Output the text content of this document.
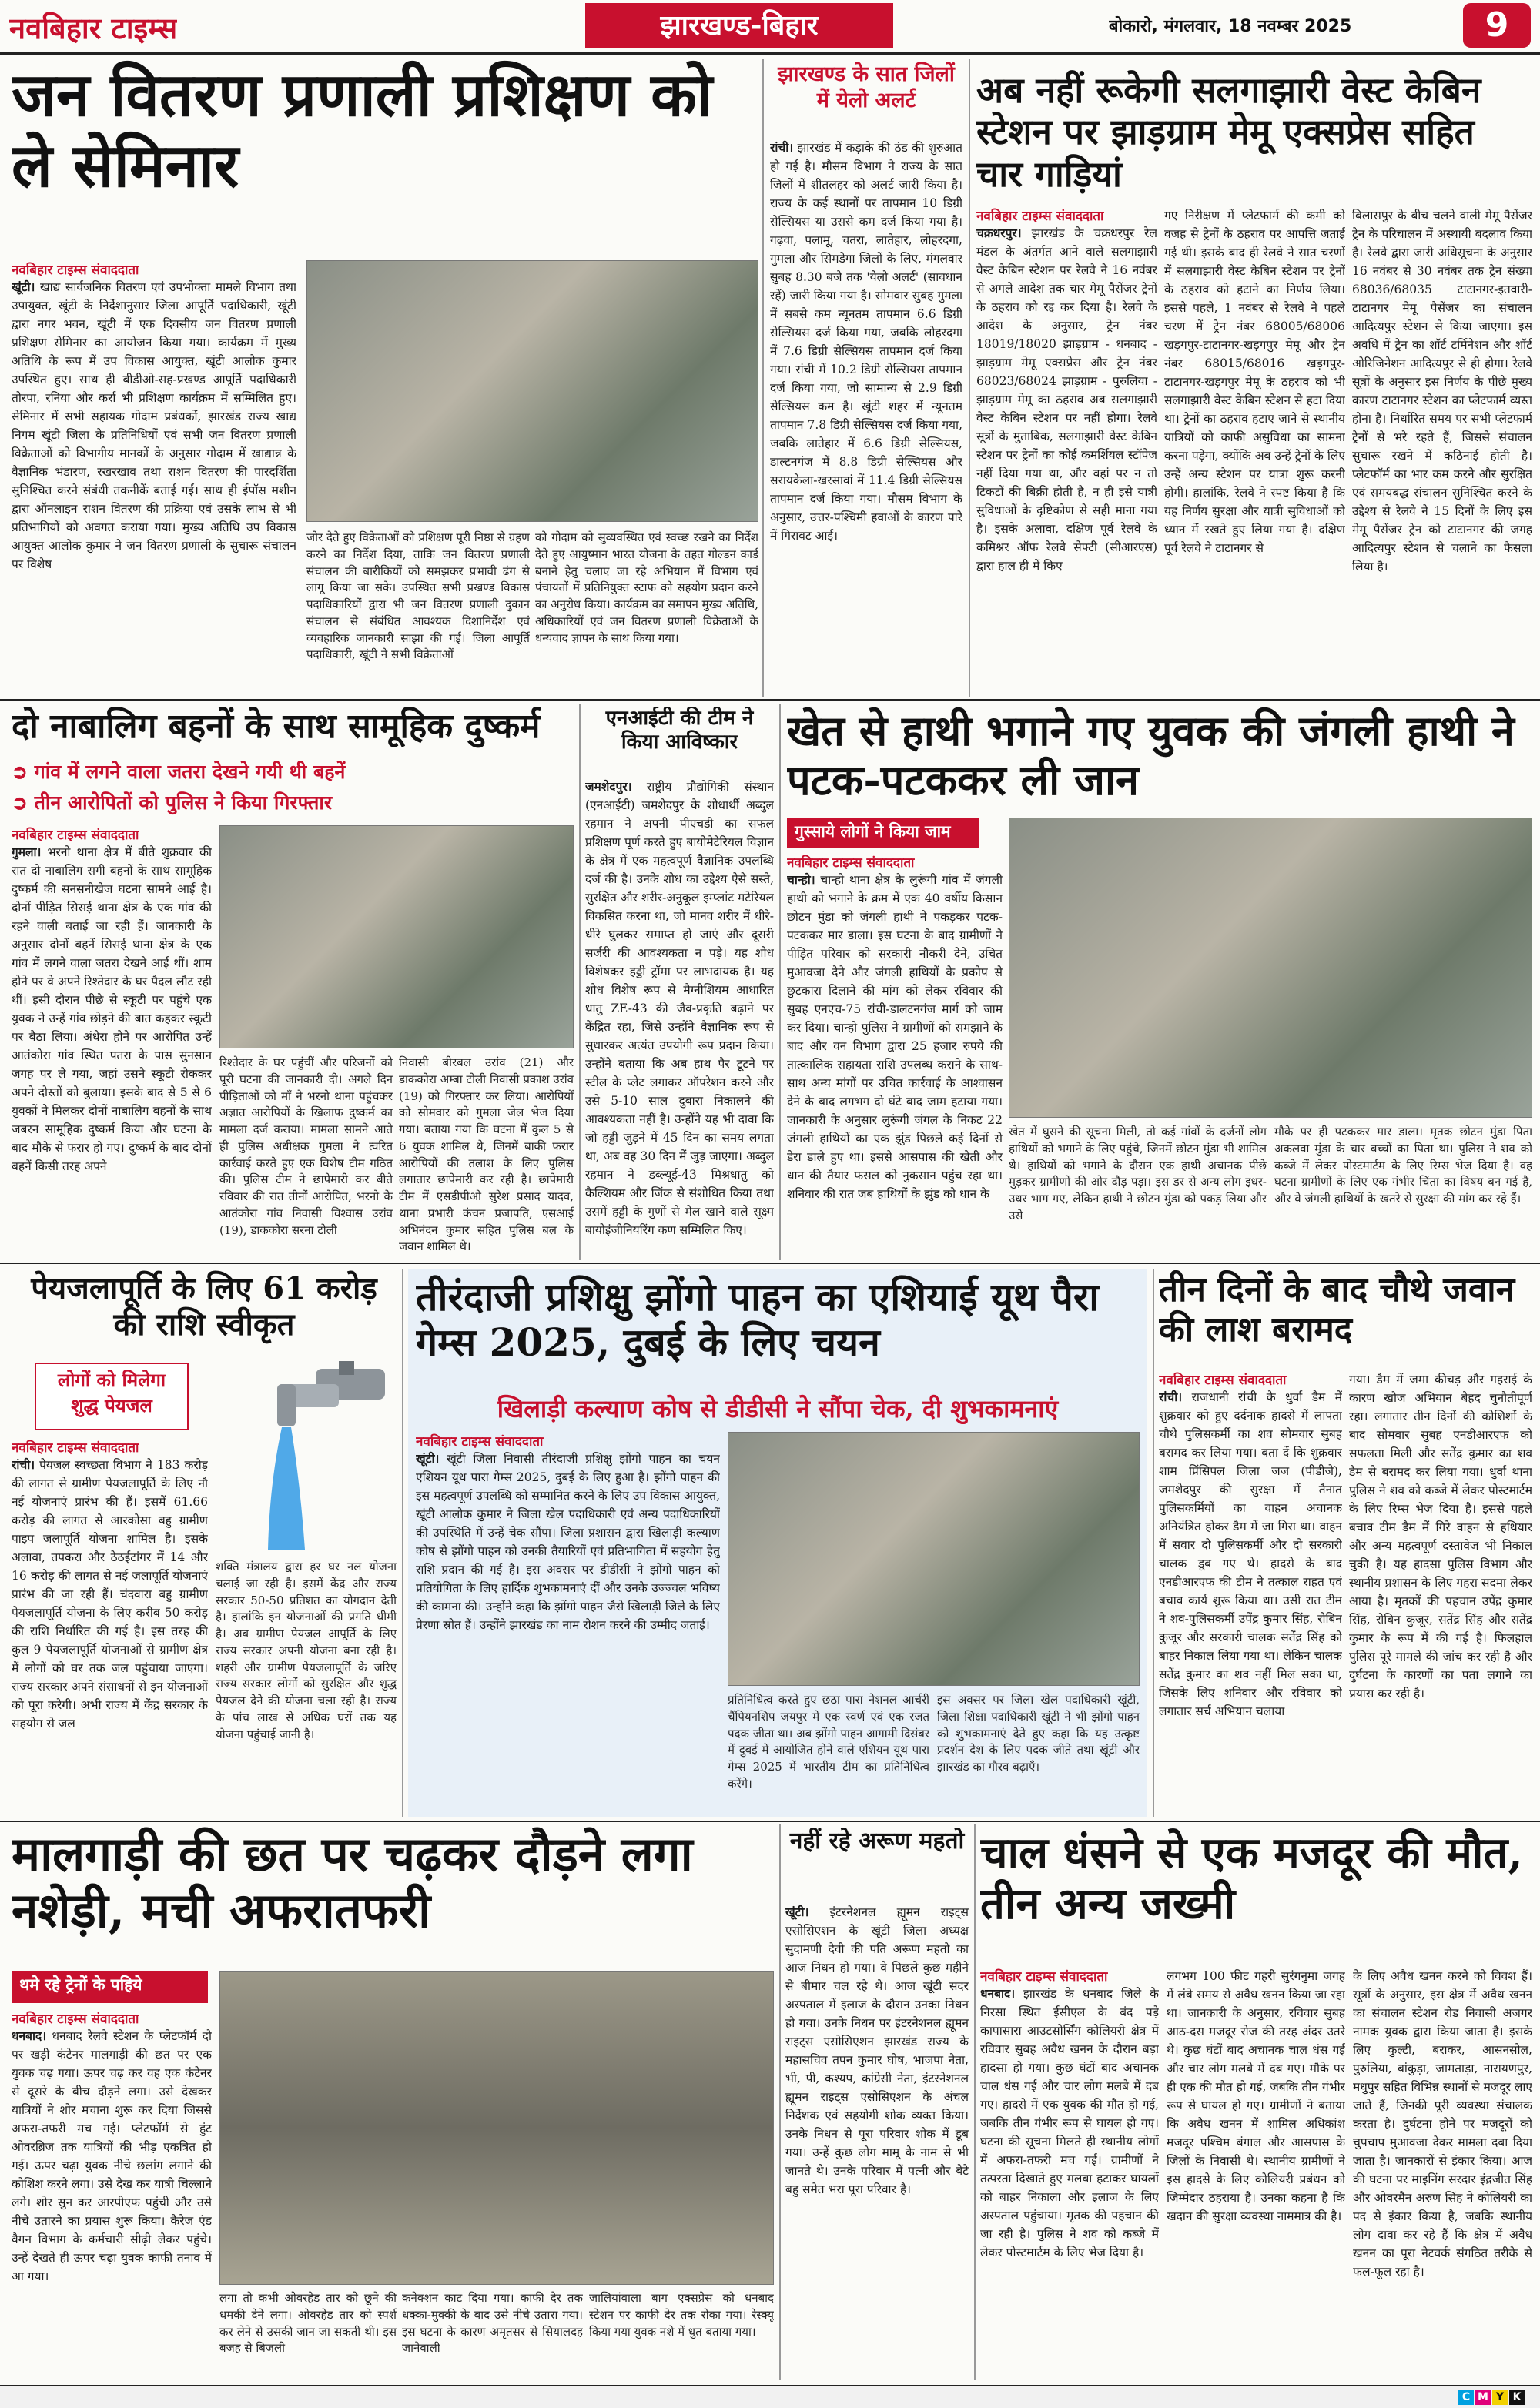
नवबिहार टाइम्स	झारखण्ड-बिहार	बोकारो, मंगलवार, 18 नवम्बर 2025	9
जन वितरण प्रणाली प्रशिक्षण को ले सेमिनार
नवबिहार टाइम्स संवाददाता
खूंटी। खाद्य सार्वजनिक वितरण एवं उपभोक्ता मामले विभाग तथा उपायुक्त, खूंटी के निर्देशानुसार जिला आपूर्ति पदाधिकारी, खूंटी द्वारा नगर भवन, खूंटी में एक दिवसीय जन वितरण प्रणाली प्रशिक्षण सेमिनार का आयोजन किया गया। कार्यक्रम में मुख्य अतिथि के रूप में उप विकास आयुक्त, खूंटी आलोक कुमार उपस्थित हुए। साथ ही बीडीओ-सह-प्रखण्ड आपूर्ति पदाधिकारी तोरपा, रनिया और कर्रा भी प्रशिक्षण कार्यक्रम में सम्मिलित हुए। सेमिनार में सभी सहायक गोदाम प्रबंधकों, झारखंड राज्य खाद्य निगम खूंटी जिला के प्रतिनिधियों एवं सभी जन वितरण प्रणाली विक्रेताओं को विभागीय मानकों के अनुसार गोदाम में खाद्यान्न के वैज्ञानिक भंडारण, रखरखाव तथा राशन वितरण की पारदर्शिता सुनिश्चित करने संबंधी तकनीकें बताई गईं। साथ ही ईपॉस मशीन द्वारा ऑनलाइन राशन वितरण की प्रक्रिया एवं उसके लाभ से भी प्रतिभागियों को अवगत कराया गया। मुख्य अतिथि उप विकास आयुक्त आलोक कुमार ने जन वितरण प्रणाली के सुचारू संचालन पर विशेष
जोर देते हुए विक्रेताओं को प्रशिक्षण पूरी निष्ठा से ग्रहण करने का निर्देश दिया, ताकि जन वितरण प्रणाली संचालन की बारीकियों को समझकर प्रभावी ढंग से लागू किया जा सके। उपस्थित सभी प्रखण्ड विकास पदाधिकारियों द्वारा भी जन वितरण प्रणाली दुकान संचालन से संबंधित आवश्यक दिशानिर्देश एवं व्यवहारिक जानकारी साझा की गई। जिला आपूर्ति पदाधिकारी, खूंटी ने सभी विक्रेताओं
को गोदाम को सुव्यवस्थित एवं स्वच्छ रखने का निर्देश देते हुए आयुष्मान भारत योजना के तहत गोल्डन कार्ड बनाने हेतु चलाए जा रहे अभियान में विभाग एवं पंचायतों में प्रतिनियुक्त स्टाफ को सहयोग प्रदान करने का अनुरोध किया। कार्यक्रम का समापन मुख्य अतिथि, अधिकारियों एवं जन वितरण प्रणाली विक्रेताओं के धन्यवाद ज्ञापन के साथ किया गया।
झारखण्ड के सात जिलों में येलो अलर्ट
रांची। झारखंड में कड़ाके की ठंड की शुरुआत हो गई है। मौसम विभाग ने राज्य के सात जिलों में शीतलहर को अलर्ट जारी किया है। राज्य के कई स्थानों पर तापमान 10 डिग्री सेल्सियस या उससे कम दर्ज किया गया है। गढ़वा, पलामू, चतरा, लातेहार, लोहरदगा, गुमला और सिमडेगा जिलों के लिए, मंगलवार सुबह 8.30 बजे तक 'येलो अलर्ट' (सावधान रहें) जारी किया गया है। सोमवार सुबह गुमला में सबसे कम न्यूनतम तापमान 6.6 डिग्री सेल्सियस दर्ज किया गया, जबकि लोहरदगा में 7.6 डिग्री सेल्सियस तापमान दर्ज किया गया। रांची में 10.2 डिग्री सेल्सियस तापमान दर्ज किया गया, जो सामान्य से 2.9 डिग्री सेल्सियस कम है। खूंटी शहर में न्यूनतम तापमान 7.8 डिग्री सेल्सियस दर्ज किया गया, जबकि लातेहार में 6.6 डिग्री सेल्सियस, डाल्टनगंज में 8.8 डिग्री सेल्सियस और सरायकेला-खरसावां में 11.4 डिग्री सेल्सियस तापमान दर्ज किया गया। मौसम विभाग के अनुसार, उत्तर-पश्चिमी हवाओं के कारण पारे में गिरावट आई।
अब नहीं रूकेगी सलगाझारी वेस्ट केबिन स्टेशन पर झाड़ग्राम मेमू एक्सप्रेस सहित चार गाड़ियां
नवबिहार टाइम्स संवाददाता
चक्रधरपुर। झारखंड के चक्रधरपुर रेल मंडल के अंतर्गत आने वाले सलगाझारी वेस्ट केबिन स्टेशन पर रेलवे ने 16 नवंबर से अगले आदेश तक चार मेमू पैसेंजर ट्रेनों के ठहराव को रद्द कर दिया है। रेलवे के आदेश के अनुसार, ट्रेन नंबर 18019/18020 झाड़ग्राम - धनबाद - झाड़ग्राम मेमू एक्सप्रेस और ट्रेन नंबर 68023/68024 झाड़ग्राम - पुरुलिया - झाड़ग्राम मेमू का ठहराव अब सलगाझारी वेस्ट केबिन स्टेशन पर नहीं होगा। रेलवे सूत्रों के मुताबिक, सलगाझारी वेस्ट केबिन स्टेशन पर ट्रेनों का कोई कमर्शियल स्टॉपेज नहीं दिया गया था, और वहां पर न तो टिकटों की बिक्री होती है, न ही इसे यात्री सुविधाओं के दृष्टिकोण से सही माना गया है। इसके अलावा, दक्षिण पूर्व रेलवे के कमिश्नर ऑफ रेलवे सेफ्टी (सीआरएस) द्वारा हाल ही में किए
गए निरीक्षण में प्लेटफार्म की कमी को वजह से ट्रेनों के ठहराव पर आपत्ति जताई गई थी। इसके बाद ही रेलवे ने सात चरणों में सलगाझारी वेस्ट केबिन स्टेशन पर ट्रेनों के ठहराव को हटाने का निर्णय लिया। इससे पहले, 1 नवंबर से रेलवे ने पहले चरण में ट्रेन नंबर 68005/68006 खड़गपुर-टाटानगर-खड़गपुर मेमू और ट्रेन नंबर 68015/68016 खड़गपुर-टाटानगर-खड़गपुर मेमू के ठहराव को भी सलगाझारी वेस्ट केबिन स्टेशन से हटा दिया था। ट्रेनों का ठहराव हटाए जाने से स्थानीय यात्रियों को काफी असुविधा का सामना करना पड़ेगा, क्योंकि अब उन्हें ट्रेनों के लिए उन्हें अन्य स्टेशन पर यात्रा शुरू करनी होगी। हालांकि, रेलवे ने स्पष्ट किया है कि यह निर्णय सुरक्षा और यात्री सुविधाओं को ध्यान में रखते हुए लिया गया है। दक्षिण पूर्व रेलवे ने टाटानगर से
बिलासपुर के बीच चलने वाली मेमू पैसेंजर ट्रेन के परिचालन में अस्थायी बदलाव किया है। रेलवे द्वारा जारी अधिसूचना के अनुसार 16 नवंबर से 30 नवंबर तक ट्रेन संख्या 68036/68035 टाटानगर-इतवारी-टाटानगर मेमू पैसेंजर का संचालन आदित्यपुर स्टेशन से किया जाएगा। इस अवधि में ट्रेन का शॉर्ट टर्मिनेशन और शॉर्ट ओरिजिनेशन आदित्यपुर से ही होगा। रेलवे सूत्रों के अनुसार इस निर्णय के पीछे मुख्य कारण टाटानगर स्टेशन का प्लेटफार्म व्यस्त होना है। निर्धारित समय पर सभी प्लेटफार्म ट्रेनों से भरे रहते हैं, जिससे संचालन सुचारू रखने में कठिनाई होती है। प्लेटफॉर्म का भार कम करने और सुरक्षित एवं समयबद्ध संचालन सुनिश्चित करने के उद्देश्य से रेलवे ने 15 दिनों के लिए इस मेमू पैसेंजर ट्रेन को टाटानगर की जगह आदित्यपुर स्टेशन से चलाने का फैसला लिया है।
दो नाबालिग बहनों के साथ सामूहिक दुष्कर्म
➲ गांव में लगने वाला जतरा देखने गयी थी बहनें
➲ तीन आरोपितों को पुलिस ने किया गिरफ्तार
नवबिहार टाइम्स संवाददाता
गुमला। भरनो थाना क्षेत्र में बीते शुक्रवार की रात दो नाबालिग सगी बहनों के साथ सामूहिक दुष्कर्म की सनसनीखेज घटना सामने आई है। दोनों पीड़ित सिसई थाना क्षेत्र के एक गांव की रहने वाली बताई जा रही हैं। जानकारी के अनुसार दोनों बहनें सिसई थाना क्षेत्र के एक गांव में लगने वाला जतरा देखने आई थीं। शाम होने पर वे अपने रिश्तेदार के घर पैदल लौट रही थीं। इसी दौरान पीछे से स्कूटी पर पहुंचे एक युवक ने उन्हें गांव छोड़ने की बात कहकर स्कूटी पर बैठा लिया। अंधेरा होने पर आरोपित उन्हें आतंकोरा गांव स्थित पतरा के पास सुनसान जगह पर ले गया, जहां उसने स्कूटी रोककर अपने दोस्तों को बुलाया। इसके बाद से 5 से 6 युवकों ने मिलकर दोनों नाबालिग बहनों के साथ जबरन सामूहिक दुष्कर्म किया और घटना के बाद मौके से फरार हो गए। दुष्कर्म के बाद दोनों बहनें किसी तरह अपने
रिश्तेदार के घर पहुंचीं और परिजनों को पूरी घटना की जानकारी दी। अगले दिन पीड़िताओं को माँ ने भरनो थाना पहुंचकर अज्ञात आरोपियों के खिलाफ दुष्कर्म का मामला दर्ज कराया। मामला सामने आते ही पुलिस अधीक्षक गुमला ने त्वरित कार्रवाई करते हुए एक विशेष टीम गठित की। पुलिस टीम ने छापेमारी कर बीते रविवार की रात तीनों आरोपित, भरनो के आतंकोरा गांव निवासी विश्वास उरांव (19), डाककोरा सरना टोली
निवासी बीरबल उरांव (21) और डाककोरा अम्बा टोली निवासी प्रकाश उरांव (19) को गिरफ्तार कर लिया। आरोपियों को सोमवार को गुमला जेल भेज दिया गया। बताया गया कि घटना में कुल 5 से 6 युवक शामिल थे, जिनमें बाकी फरार आरोपियों की तलाश के लिए पुलिस लगातार छापेमारी कर रही है। छापेमारी टीम में एसडीपीओ सुरेश प्रसाद यादव, थाना प्रभारी कंचन प्रजापति, एसआई अभिनंदन कुमार सहित पुलिस बल के जवान शामिल थे।
एनआईटी की टीम ने किया आविष्कार
जमशेदपुर। राष्ट्रीय प्रौद्योगिकी संस्थान (एनआईटी) जमशेदपुर के शोधार्थी अब्दुल रहमान ने अपनी पीएचडी का सफल प्रशिक्षण पूर्ण करते हुए बायोमेटेरियल विज्ञान के क्षेत्र में एक महत्वपूर्ण वैज्ञानिक उपलब्धि दर्ज की है। उनके शोध का उद्देश्य ऐसे सस्ते, सुरक्षित और शरीर-अनुकूल इम्प्लांट मटेरियल विकसित करना था, जो मानव शरीर में धीरे-धीरे घुलकर समाप्त हो जाएं और दूसरी सर्जरी की आवश्यकता न पड़े। यह शोध विशेषकर हड्डी ट्रॉमा पर लाभदायक है। यह शोध विशेष रूप से मैग्नीशियम आधारित धातु ZE-43 की जैव-प्रकृति बढ़ाने पर केंद्रित रहा, जिसे उन्होंने वैज्ञानिक रूप से सुधारकर अत्यंत उपयोगी रूप प्रदान किया। उन्होंने बताया कि अब हाथ पैर टूटने पर स्टील के प्लेट लगाकर ऑपरेशन करने और उसे 5-10 साल दुबारा निकालने की आवश्यकता नहीं है। उन्होंने यह भी दावा कि जो हड्डी जुड़ने में 45 दिन का समय लगता था, अब वह 30 दिन में जुड़ जाएगा। अब्दुल रहमान ने डब्ल्यूई-43 मिश्रधातु को कैल्शियम और जिंक से संशोधित किया तथा उसमें हड्डी के गुणों से मेल खाने वाले सूक्ष्म बायोइंजीनियरिंग कण सम्मिलित किए।
खेत से हाथी भगाने गए युवक की जंगली हाथी ने पटक-पटककर ली जान
गुस्साये लोगों ने किया जाम
नवबिहार टाइम्स संवाददाता
चान्हो। चान्हो थाना क्षेत्र के लुरूंगी गांव में जंगली हाथी को भगाने के क्रम में एक 40 वर्षीय किसान छोटन मुंडा को जंगली हाथी ने पकड़कर पटक-पटककर मार डाला। इस घटना के बाद ग्रामीणों ने पीड़ित परिवार को सरकारी नौकरी देने, उचित मुआवजा देने और जंगली हाथियों के प्रकोप से छुटकारा दिलाने की मांग को लेकर रविवार की सुबह एनएच-75 रांची-डालटनगंज मार्ग को जाम कर दिया। चान्हो पुलिस ने ग्रामीणों को समझाने के बाद और वन विभाग द्वारा 25 हजार रुपये की तात्कालिक सहायता राशि उपलब्ध कराने के साथ-साथ अन्य मांगों पर उचित कार्रवाई के आश्वासन देने के बाद लगभग दो घंटे बाद जाम हटाया गया। जानकारी के अनुसार लुरूंगी जंगल के निकट 22 जंगली हाथियों का एक झुंड पिछले कई दिनों से डेरा डाले हुए था। इससे आसपास की खेती और धान की तैयार फसल को नुकसान पहुंच रहा था। शनिवार की रात जब हाथियों के झुंड को धान के
खेत में घुसने की सूचना मिली, तो कई गांवों के दर्जनों लोग हाथियों को भगाने के लिए पहुंचे, जिनमें छोटन मुंडा भी शामिल थे। हाथियों को भगाने के दौरान एक हाथी अचानक पीछे मुड़कर ग्रामीणों की ओर दौड़ पड़ा। इस डर से अन्य लोग इधर-उधर भाग गए, लेकिन हाथी ने छोटन मुंडा को पकड़ लिया और उसे
मौके पर ही पटककर मार डाला। मृतक छोटन मुंडा पिता अकलवा मुंडा के चार बच्चों का पिता था। पुलिस ने शव को कब्जे में लेकर पोस्टमार्टम के लिए रिम्स भेज दिया है। वह घटना ग्रामीणों के लिए एक गंभीर चिंता का विषय बन गई है, और वे जंगली हाथियों के खतरे से सुरक्षा की मांग कर रहे हैं।
पेयजलापूर्ति के लिए 61 करोड़ की राशि स्वीकृत
लोगों को मिलेगा शुद्ध पेयजल
नवबिहार टाइम्स संवाददाता
रांची। पेयजल स्वच्छता विभाग ने 183 करोड़ की लागत से ग्रामीण पेयजलापूर्ति के लिए नौ नई योजनाएं प्रारंभ की हैं। इसमें 61.66 करोड़ की लागत से आरकोसा बहु ग्रामीण पाइप जलापूर्ति योजना शामिल है। इसके अलावा, तपकरा और ठेठईटांगर में 14 और 16 करोड़ की लागत से नई जलापूर्ति योजनाएं प्रारंभ की जा रही हैं। चंदवारा बहु ग्रामीण पेयजलापूर्ति योजना के लिए करीब 50 करोड़ की राशि निर्धारित की गई है। इस तरह की कुल 9 पेयजलापूर्ति योजनाओं से ग्रामीण क्षेत्र में लोगों को घर तक जल पहुंचाया जाएगा। राज्य सरकार अपने संसाधनों से इन योजनाओं को पूरा करेगी। अभी राज्य में केंद्र सरकार के सहयोग से जल
शक्ति मंत्रालय द्वारा हर घर नल योजना चलाई जा रही है। इसमें केंद्र और राज्य सरकार 50-50 प्रतिशत का योगदान देती है। हालांकि इन योजनाओं की प्रगति धीमी है। अब ग्रामीण पेयजल आपूर्ति के लिए राज्य सरकार अपनी योजना बना रही है। शहरी और ग्रामीण पेयजलापूर्ति के जरिए राज्य सरकार लोगों को सुरक्षित और शुद्ध पेयजल देने की योजना चला रही है। राज्य के पांच लाख से अधिक घरों तक यह योजना पहुंचाई जानी है।
तीरंदाजी प्रशिक्षु झोंगो पाहन का एशियाई यूथ पैरा गेम्स 2025, दुबई के लिए चयन
खिलाड़ी कल्याण कोष से डीडीसी ने सौंपा चेक, दी शुभकामनाएं
नवबिहार टाइम्स संवाददाता
खूंटी। खूंटी जिला निवासी तीरंदाजी प्रशिक्षु झोंगो पाहन का चयन एशियन यूथ पारा गेम्स 2025, दुबई के लिए हुआ है। झोंगो पाहन की इस महत्वपूर्ण उपलब्धि को सम्मानित करने के लिए उप विकास आयुक्त, खूंटी आलोक कुमार ने जिला खेल पदाधिकारी एवं अन्य पदाधिकारियों की उपस्थिति में उन्हें चेक सौंपा। जिला प्रशासन द्वारा खिलाड़ी कल्याण कोष से झोंगो पाहन को उनकी तैयारियों एवं प्रतिभागिता में सहयोग हेतु राशि प्रदान की गई है। इस अवसर पर डीडीसी ने झोंगो पाहन को प्रतियोगिता के लिए हार्दिक शुभकामनाएं दीं और उनके उज्ज्वल भविष्य की कामना की। उन्होंने कहा कि झोंगो पाहन जैसे खिलाड़ी जिले के लिए प्रेरणा स्रोत हैं। उन्होंने झारखंड का नाम रोशन करने की उम्मीद जताई।
प्रतिनिधित्व करते हुए छठा पारा नेशनल आर्चरी चैंपियनशिप जयपुर में एक स्वर्ण एवं एक रजत पदक जीता था। अब झोंगो पाहन आगामी दिसंबर में दुबई में आयोजित होने वाले एशियन यूथ पारा गेम्स 2025 में भारतीय टीम का प्रतिनिधित्व करेंगे।
इस अवसर पर जिला खेल पदाधिकारी खूंटी, जिला शिक्षा पदाधिकारी खूंटी ने भी झोंगो पाहन को शुभकामनाएं देते हुए कहा कि यह उत्कृष्ट प्रदर्शन देश के लिए पदक जीते तथा खूंटी और झारखंड का गौरव बढ़ाएँ।
तीन दिनों के बाद चौथे जवान की लाश बरामद
नवबिहार टाइम्स संवाददाता
रांची। राजधानी रांची के धुर्वा डैम में शुक्रवार को हुए दर्दनाक हादसे में लापता चौथे पुलिसकर्मी का शव सोमवार सुबह बरामद कर लिया गया। बता दें कि शुक्रवार शाम प्रिंसिपल जिला जज (पीडीजे), जमशेदपुर की सुरक्षा में तैनात पुलिसकर्मियों का वाहन अचानक अनियंत्रित होकर डैम में जा गिरा था। वाहन में सवार दो पुलिसकर्मी और दो सरकारी चालक डूब गए थे। हादसे के बाद एनडीआरएफ की टीम ने तत्काल राहत एवं बचाव कार्य शुरू किया था। उसी रात टीम ने शव-पुलिसकर्मी उपेंद्र कुमार सिंह, रोबिन कुजूर और सरकारी चालक सतेंद्र सिंह को बाहर निकाल लिया गया था। लेकिन चालक सतेंद्र कुमार का शव नहीं मिल सका था, जिसके लिए शनिवार और रविवार को लगातार सर्च अभियान चलाया
गया। डैम में जमा कीचड़ और गहराई के कारण खोज अभियान बेहद चुनौतीपूर्ण रहा। लगातार तीन दिनों की कोशिशों के बाद सोमवार सुबह एनडीआरएफ को सफलता मिली और सतेंद्र कुमार का शव डैम से बरामद कर लिया गया। धुर्वा थाना पुलिस ने शव को कब्जे में लेकर पोस्टमार्टम के लिए रिम्स भेज दिया है। इससे पहले बचाव टीम डैम में गिरे वाहन से हथियार और अन्य महत्वपूर्ण दस्तावेज भी निकाल चुकी है। यह हादसा पुलिस विभाग और स्थानीय प्रशासन के लिए गहरा सदमा लेकर आया है। मृतकों की पहचान उपेंद्र कुमार सिंह, रोबिन कुजूर, सतेंद्र सिंह और सतेंद्र कुमार के रूप में की गई है। फिलहाल पुलिस पूरे मामले की जांच कर रही है और दुर्घटना के कारणों का पता लगाने का प्रयास कर रही है।
मालगाड़ी की छत पर चढ़कर दौड़ने लगा नशेड़ी, मची अफरातफरी
थमे रहे ट्रेनों के पहिये
नवबिहार टाइम्स संवाददाता
धनबाद। धनबाद रेलवे स्टेशन के प्लेटफॉर्म दो पर खड़ी कंटेनर मालगाड़ी की छत पर एक युवक चढ़ गया। ऊपर चढ़ कर वह एक कंटेनर से दूसरे के बीच दौड़ने लगा। उसे देखकर यात्रियों ने शोर मचाना शुरू कर दिया जिससे अफरा-तफरी मच गई। प्लेटफॉर्म से हुंट ओवरब्रिज तक यात्रियों की भीड़ एकत्रित हो गई। ऊपर चढ़ा युवक नीचे छलांग लगाने की कोशिश करने लगा। उसे देख कर यात्री चिल्लाने लगे। शोर सुन कर आरपीएफ पहुंची और उसे नीचे उतारने का प्रयास शुरू किया। कैरेज एंड वैगन विभाग के कर्मचारी सीढ़ी लेकर पहुंचे। उन्हें देखते ही ऊपर चढ़ा युवक काफी तनाव में आ गया।
लगा तो कभी ओवरहेड तार को छूने की धमकी देने लगा। ओवरहेड तार को स्पर्श कर लेने से उसकी जान जा सकती थी। इस बजह से बिजली
कनेक्शन काट दिया गया। काफी देर तक धक्का-मुक्की के बाद उसे नीचे उतारा गया। इस घटना के कारण अमृतसर से सियालदह जानेवाली
जालियांवाला बाग एक्सप्रेस को धनबाद स्टेशन पर काफी देर तक रोका गया। रेस्क्यू किया गया युवक नशे में धुत बताया गया।
नहीं रहे अरूण महतो
खूंटी। इंटरनेशनल ह्यूमन राइट्स एसोसिएशन के खूंटी जिला अध्यक्ष सुदामणी देवी की पति अरूण महतो का आज निधन हो गया। वे पिछले कुछ महीने से बीमार चल रहे थे। आज खूंटी सदर अस्पताल में इलाज के दौरान उनका निधन हो गया। उनके निधन पर इंटरनेशनल ह्यूमन राइट्स एसोसिएशन झारखंड राज्य के महासचिव तपन कुमार घोष, भाजपा नेता, भी, पी, कश्यप, कांग्रेसी नेता, इंटरनेशनल ह्यूमन राइट्स एसोसिएशन के अंचल निर्देशक एवं सहयोगी शोक व्यक्त किया। उनके निधन से पूरा परिवार शोक में डूब गया। उन्हें कुछ लोग मामू के नाम से भी जानते थे। उनके परिवार में पत्नी और बेटे बहु समेत भरा पूरा परिवार है।
चाल धंसने से एक मजदूर की मौत, तीन अन्य जख्मी
नवबिहार टाइम्स संवाददाता
धनबाद। झारखंड के धनबाद जिले के निरसा स्थित ईसीएल के बंद पड़े कापासारा आउटसोर्सिंग कोलियरी क्षेत्र में रविवार सुबह अवैध खनन के दौरान बड़ा हादसा हो गया। कुछ घंटों बाद अचानक चाल धंस गई और चार लोग मलबे में दब गए। हादसे में एक युवक की मौत हो गई, जबकि तीन गंभीर रूप से घायल हो गए। घटना की सूचना मिलते ही स्थानीय लोगों में अफरा-तफरी मच गई। ग्रामीणों ने तत्परता दिखाते हुए मलबा हटाकर घायलों को बाहर निकाला और इलाज के लिए अस्पताल पहुंचाया। मृतक की पहचान की जा रही है। पुलिस ने शव को कब्जे में लेकर पोस्टमार्टम के लिए भेज दिया है।
लगभग 100 फीट गहरी सुरंगनुमा जगह में लंबे समय से अवैध खनन किया जा रहा था। जानकारी के अनुसार, रविवार सुबह आठ-दस मजदूर रोज की तरह अंदर उतरे थे। कुछ घंटों बाद अचानक चाल धंस गई और चार लोग मलबे में दब गए। मौके पर ही एक की मौत हो गई, जबकि तीन गंभीर रूप से घायल हो गए। ग्रामीणों ने बताया कि अवैध खनन में शामिल अधिकांश मजदूर पश्चिम बंगाल और आसपास के जिलों के निवासी थे। स्थानीय ग्रामीणों ने इस हादसे के लिए कोलियरी प्रबंधन को जिम्मेदार ठहराया है। उनका कहना है कि खदान की सुरक्षा व्यवस्था नाममात्र की है।
के लिए अवैध खनन करने को विवश हैं। सूत्रों के अनुसार, इस क्षेत्र में अवैध खनन का संचालन स्टेशन रोड निवासी अजगर नामक युवक द्वारा किया जाता है। इसके लिए कुल्टी, बराकर, आसनसोल, पुरुलिया, बांकुड़ा, जामताड़ा, नारायणपुर, मधुपुर सहित विभिन्न स्थानों से मजदूर लाए जाते हैं, जिनकी पूरी व्यवस्था संचालक करता है। दुर्घटना होने पर मजदूरों को चुपचाप मुआवजा देकर मामला दबा दिया जाता है। जानकारों से इंकार किया। आज की घटना पर माइनिंग सरदार इंद्रजीत सिंह और ओवरमैन अरुण सिंह ने कोलियरी का पद से इंकार किया है, जबकि स्थानीय लोग दावा कर रहे हैं कि क्षेत्र में अवैध खनन का पूरा नेटवर्क संगठित तरीके से फल-फूल रहा है।
C M Y K
